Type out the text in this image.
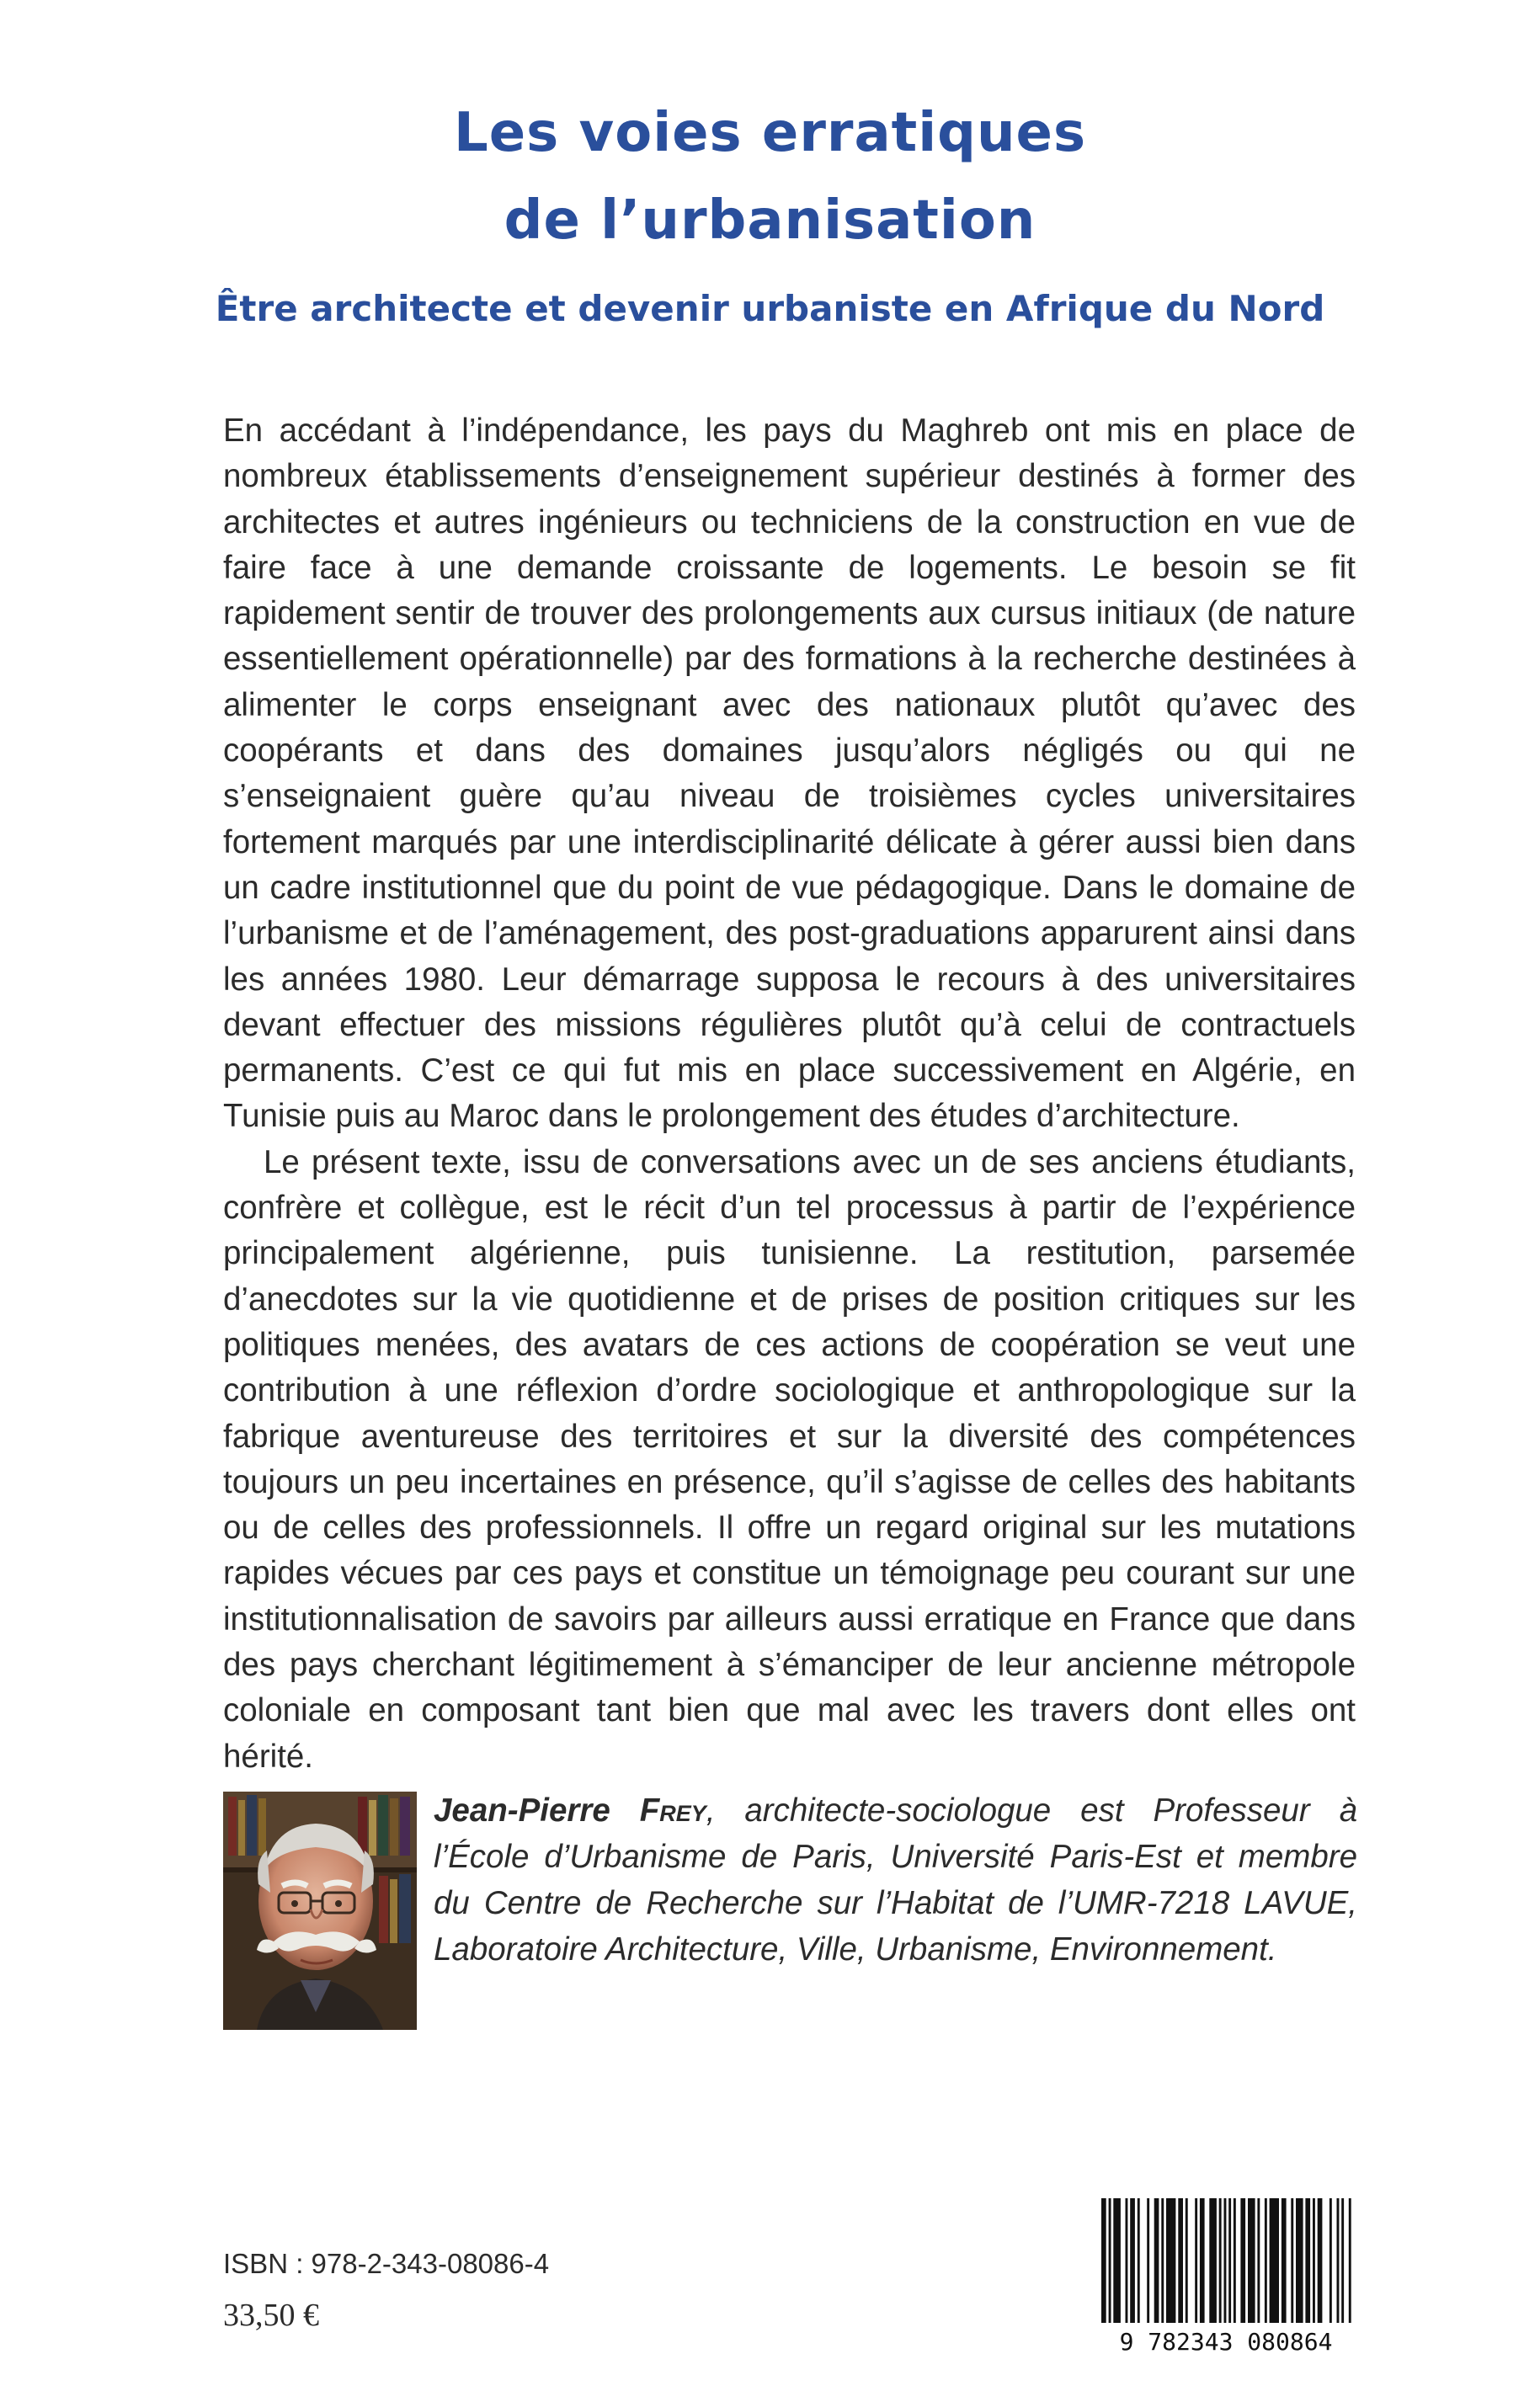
Les voies erratiques
de l’urbanisation
Être architecte et devenir urbaniste en Afrique du Nord

En accédant à l’indépendance, les pays du Maghreb ont mis en place de nombreux établissements d’enseignement supérieur destinés à former des architectes et autres ingénieurs ou techniciens de la construction en vue de faire face à une demande croissante de logements. Le besoin se fit rapidement sentir de trouver des prolongements aux cursus initiaux (de nature essentiellement opérationnelle) par des formations à la recherche destinées à alimenter le corps enseignant avec des nationaux plutôt qu’avec des coopérants et dans des domaines jusqu’alors négligés ou qui ne s’enseignaient guère qu’au niveau de troisièmes cycles universitaires fortement marqués par une interdisciplinarité délicate à gérer aussi bien dans un cadre institutionnel que du point de vue pédagogique. Dans le domaine de l’urbanisme et de l’aménagement, des post-graduations apparurent ainsi dans les années 1980. Leur démarrage supposa le recours à des universitaires devant effectuer des missions régulières plutôt qu’à celui de contractuels permanents. C’est ce qui fut mis en place successivement en Algérie, en Tunisie puis au Maroc dans le prolongement des études d’architecture.

Le présent texte, issu de conversations avec un de ses anciens étudiants, confrère et collègue, est le récit d’un tel processus à partir de l’expérience principalement algérienne, puis tunisienne. La restitution, parsemée d’anecdotes sur la vie quotidienne et de prises de position critiques sur les politiques menées, des avatars de ces actions de coopération se veut une contribution à une réflexion d’ordre sociologique et anthropologique sur la fabrique aventureuse des territoires et sur la diversité des compétences toujours un peu incertaines en présence, qu’il s’agisse de celles des habitants ou de celles des professionnels. Il offre un regard original sur les mutations rapides vécues par ces pays et constitue un témoignage peu courant sur une institutionnalisation de savoirs par ailleurs aussi erratique en France que dans des pays cherchant légitimement à s’émanciper de leur ancienne métropole coloniale en composant tant bien que mal avec les travers dont elles ont hérité.

Jean-Pierre Frey, architecte-sociologue est Professeur à l’École d’Urbanisme de Paris, Université Paris-Est et membre du Centre de Recherche sur l’Habitat de l’UMR-7218 LAVUE, Laboratoire Architecture, Ville, Urbanisme, Environnement.
ISBN : 978-2-343-08086-4
33,50 €
9 782343 080864
